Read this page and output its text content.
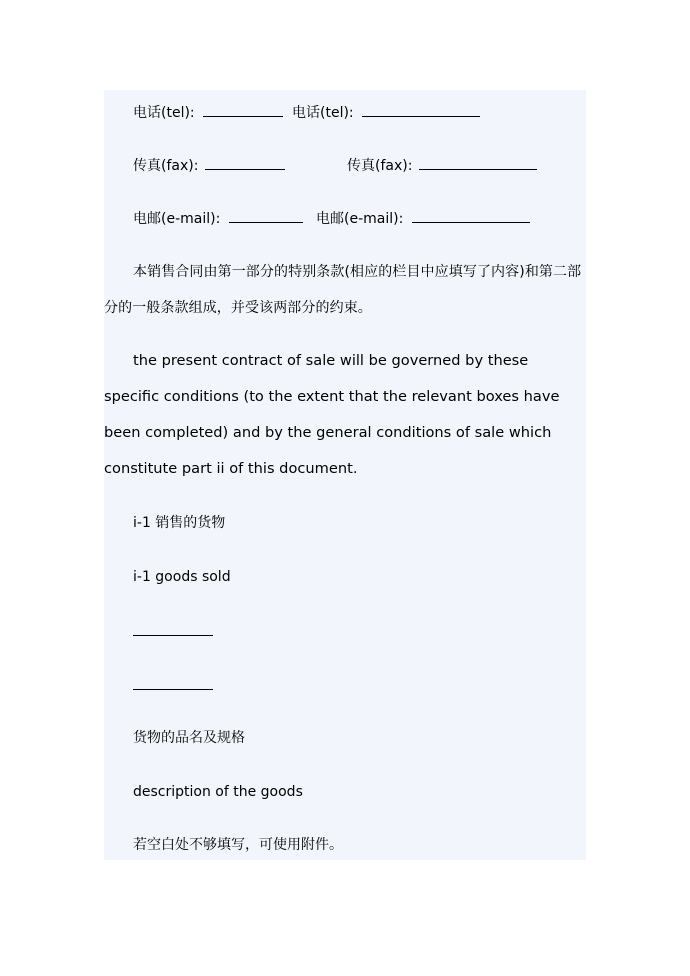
电话(tel):	电话(tel):
传真(fax):	传真(fax):
电邮(e-mail):	电邮(e-mail):
本销售合同由第一部分的特别条款(相应的栏目中应填写了内容)和第二部分的一般条款组成，并受该两部分的约束。
the present contract of sale will be governed by these specific conditions (to the extent that the relevant boxes have been completed) and by the general conditions of sale which constitute part ii of this document.
i-1 销售的货物
i-1 goods sold
货物的品名及规格
description of the goods
若空白处不够填写，可使用附件。
